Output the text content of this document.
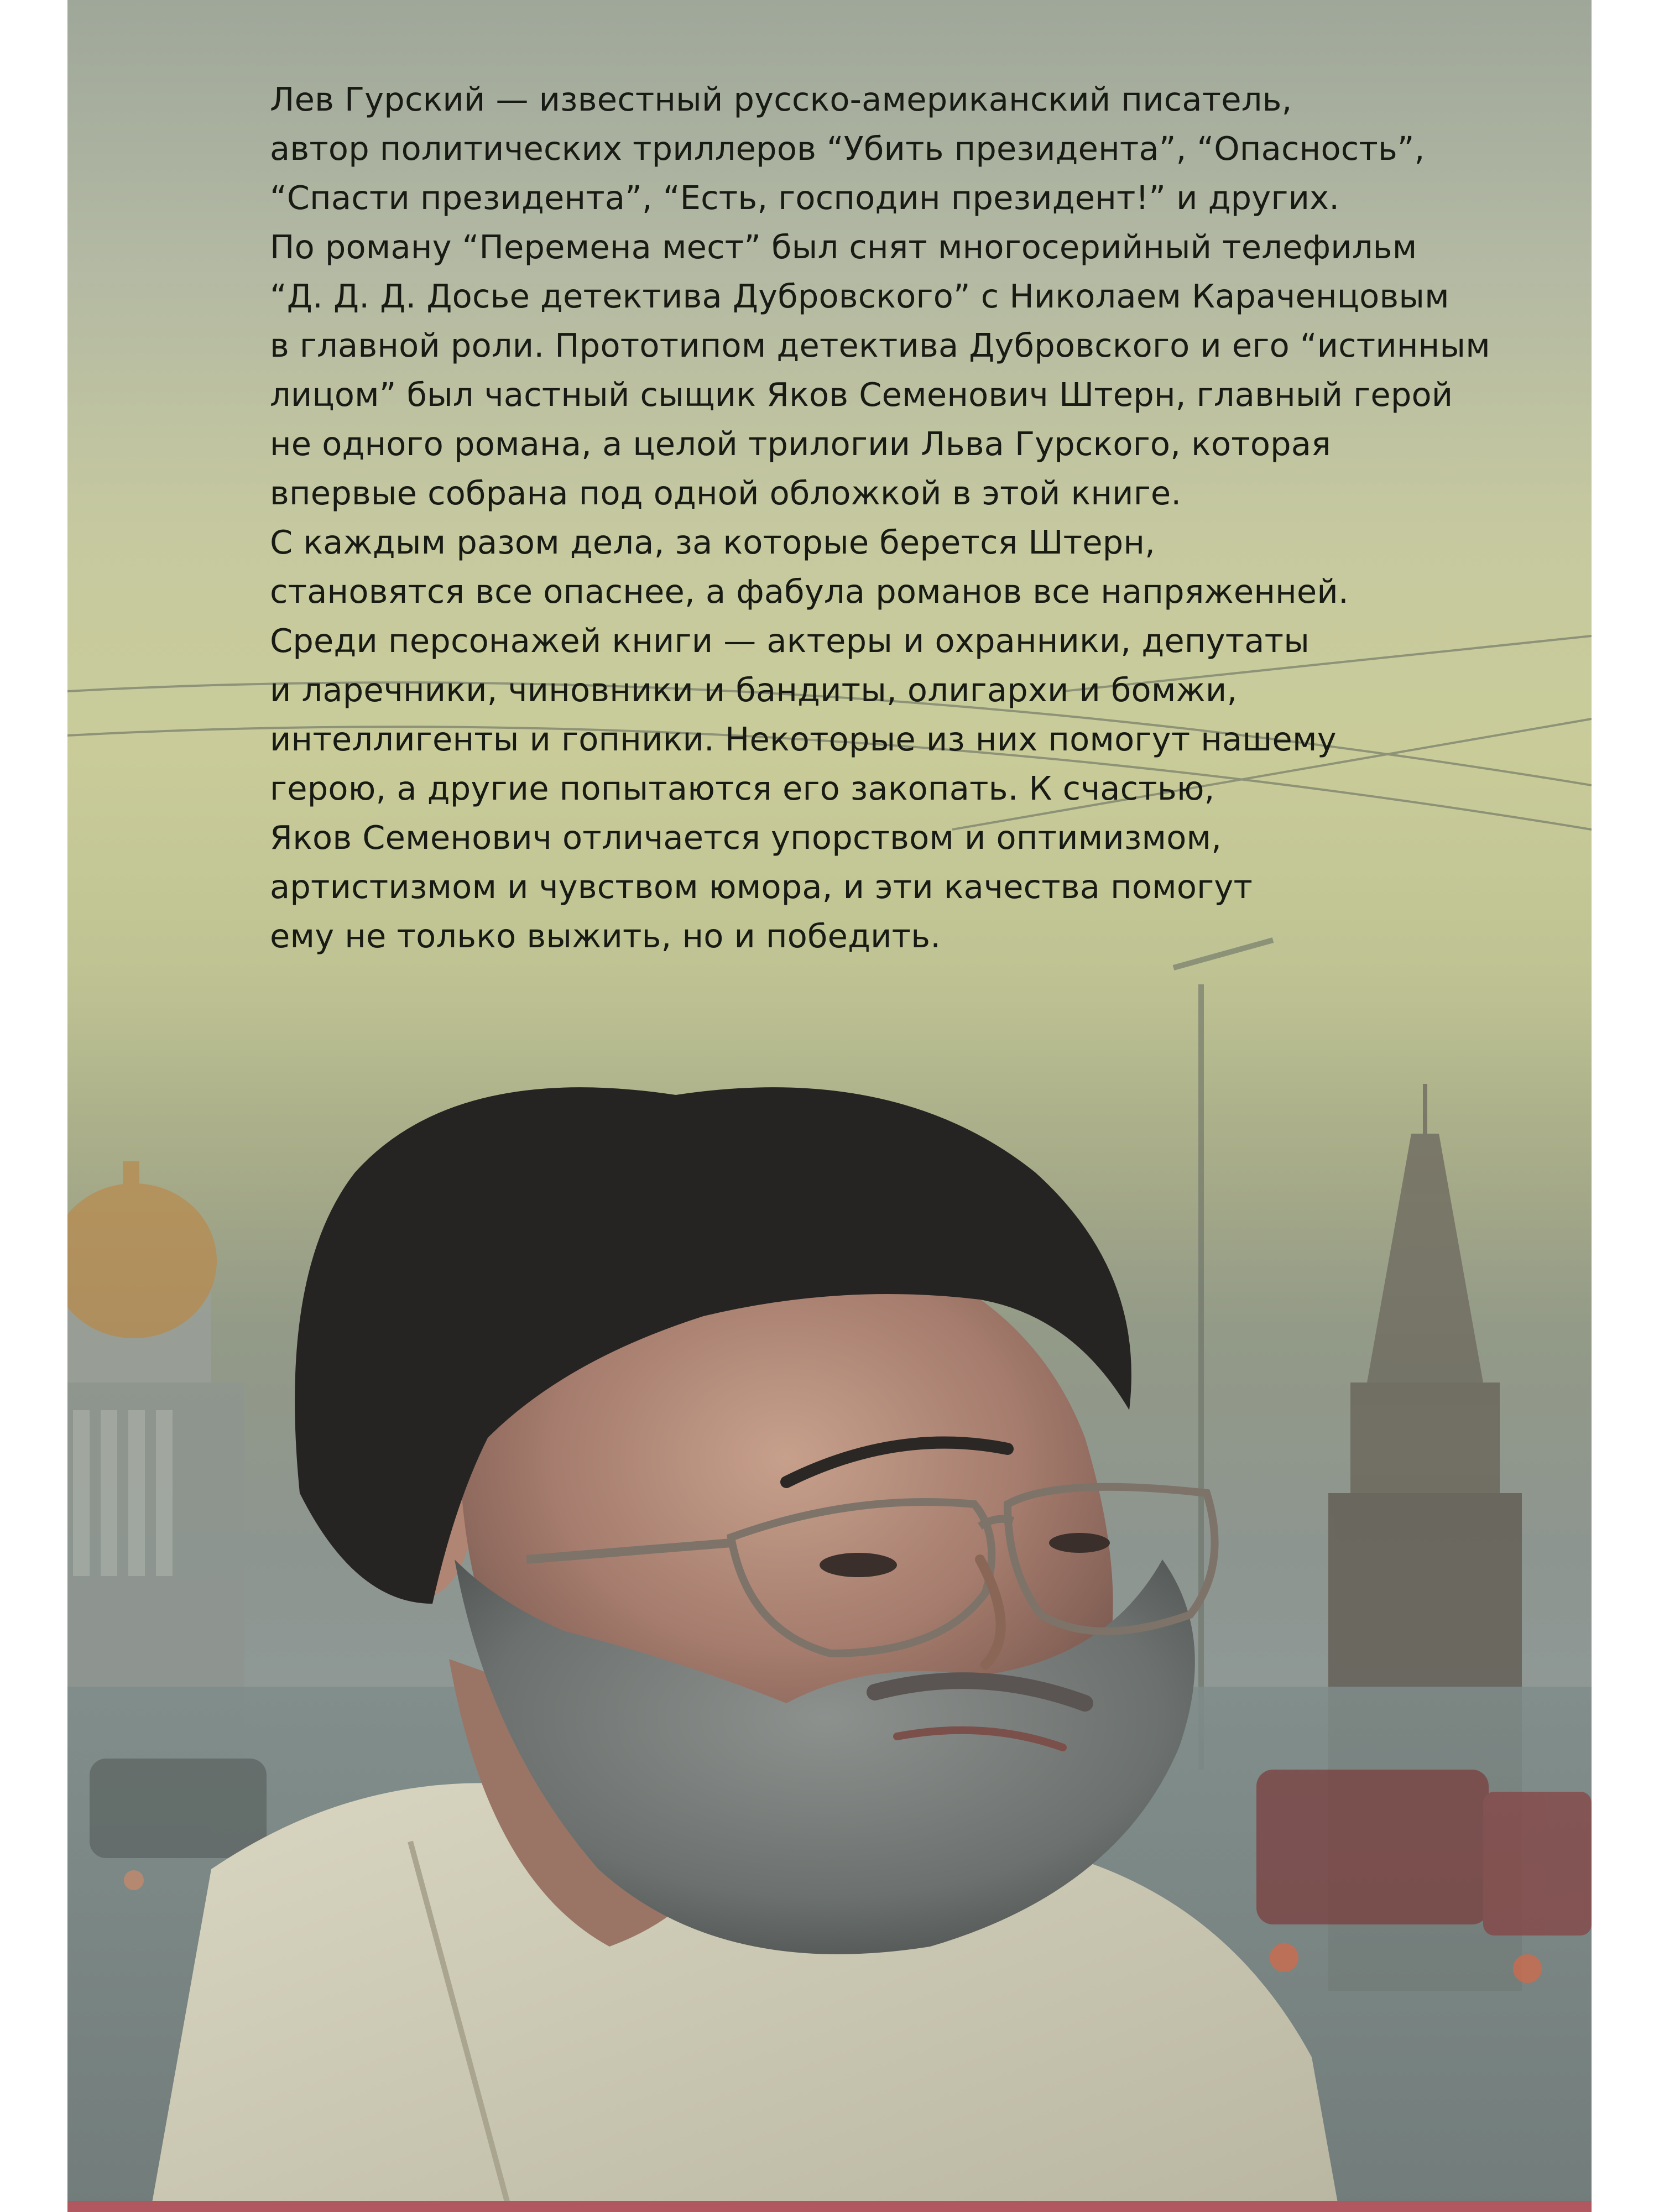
Лев Гурский — известный русско-американский писатель,
автор политических триллеров “Убить президента”, “Опасность”,
“Спасти президента”, “Есть, господин президент!” и других.
По роману “Перемена мест” был снят многосерийный телефильм
“Д. Д. Д. Досье детектива Дубровского” с Николаем Караченцовым
в главной роли. Прототипом детектива Дубровского и его “истинным
лицом” был частный сыщик Яков Семенович Штерн, главный герой
не одного романа, а целой трилогии Льва Гурского, которая
впервые собрана под одной обложкой в этой книге.
С каждым разом дела, за которые берется Штерн,
становятся все опаснее, а фабула романов все напряженней.
Среди персонажей книги — актеры и охранники, депутаты
и ларечники, чиновники и бандиты, олигархи и бомжи,
интеллигенты и гопники. Некоторые из них помогут нашему
герою, а другие попытаются его закопать. К счастью,
Яков Семенович отличается упорством и оптимизмом,
артистизмом и чувством юмора, и эти качества помогут
ему не только выжить, но и победить.
